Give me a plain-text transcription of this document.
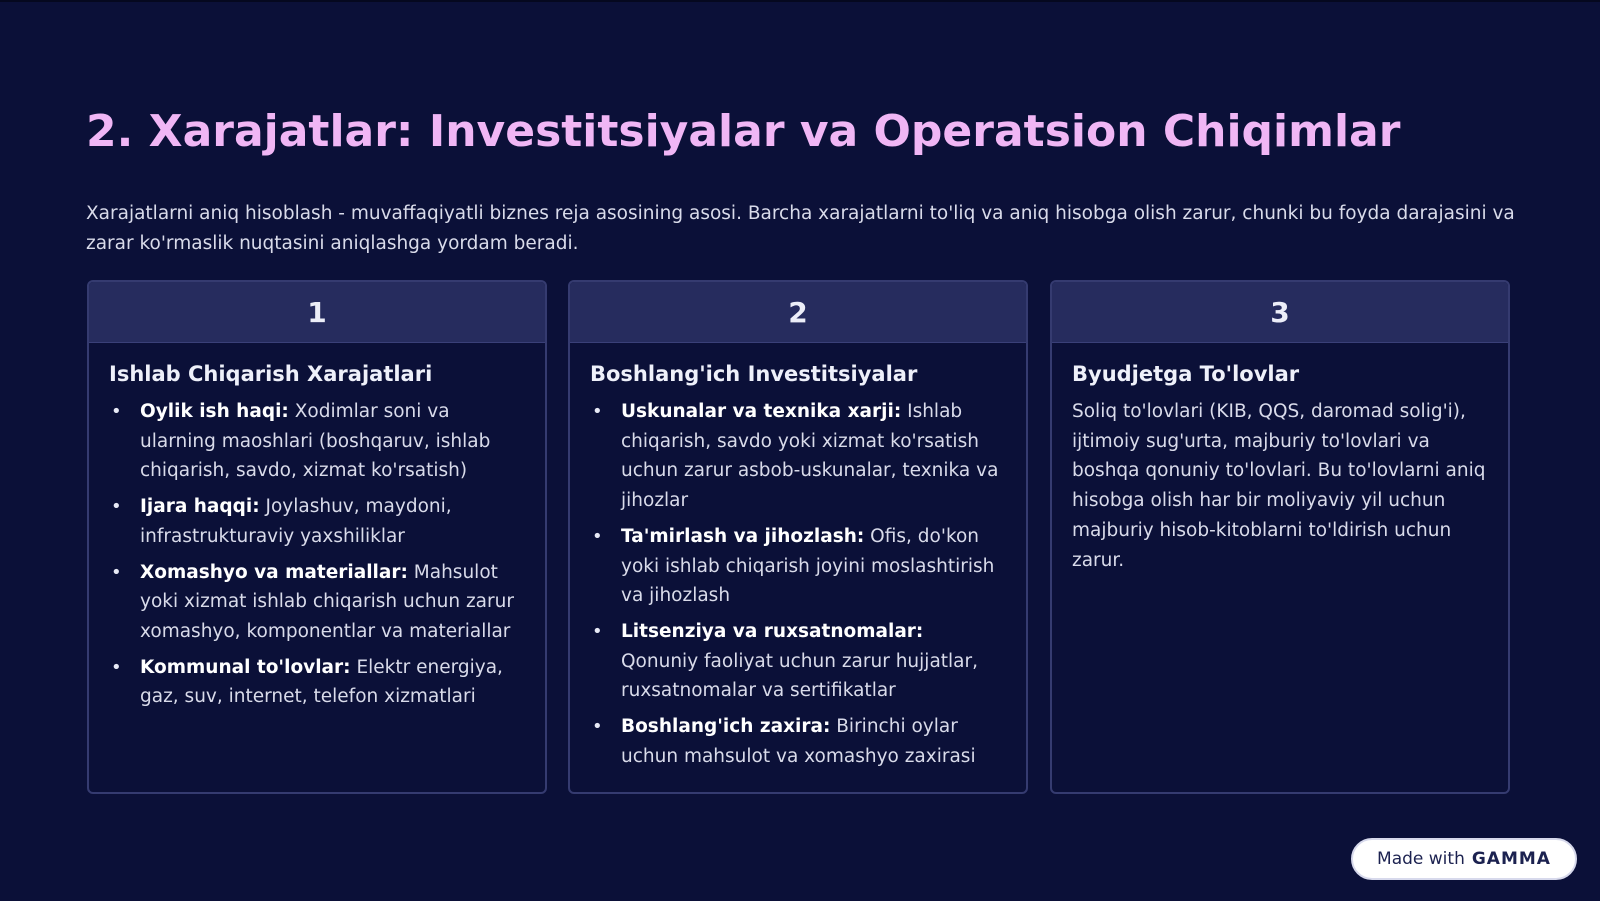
2. Xarajatlar: Investitsiyalar va Operatsion Chiqimlar

Xarajatlarni aniq hisoblash - muvaffaqiyatli biznes reja asosining asosi. Barcha xarajatlarni to'liq va aniq hisobga olish zarur, chunki bu foyda darajasini va zarar ko'rmaslik nuqtasini aniqlashga yordam beradi.

1
Ishlab Chiqarish Xarajatlari
• Oylik ish haqi: Xodimlar soni va ularning maoshlari (boshqaruv, ishlab chiqarish, savdo, xizmat ko'rsatish)
• Ijara haqqi: Joylashuv, maydoni, infrastrukturaviy yaxshiliklar
• Xomashyo va materiallar: Mahsulot yoki xizmat ishlab chiqarish uchun zarur xomashyo, komponentlar va materiallar
• Kommunal to'lovlar: Elektr energiya, gaz, suv, internet, telefon xizmatlari
2
Boshlang'ich Investitsiyalar
• Uskunalar va texnika xarji: Ishlab chiqarish, savdo yoki xizmat ko'rsatish uchun zarur asbob-uskunalar, texnika va jihozlar
• Ta'mirlash va jihozlash: Ofis, do'kon yoki ishlab chiqarish joyini moslashtirish va jihozlash
• Litsenziya va ruxsatnomalar: Qonuniy faoliyat uchun zarur hujjatlar, ruxsatnomalar va sertifikatlar
• Boshlang'ich zaxira: Birinchi oylar uchun mahsulot va xomashyo zaxirasi
3
Byudjetga To'lovlar

Soliq to'lovlari (KIB, QQS, daromad solig'i), ijtimoiy sug'urta, majburiy to'lovlari va boshqa qonuniy to'lovlari. Bu to'lovlarni aniq hisobga olish har bir moliyaviy yil uchun majburiy hisob-kitoblarni to'ldirish uchun zarur.

Made with GAMMA
